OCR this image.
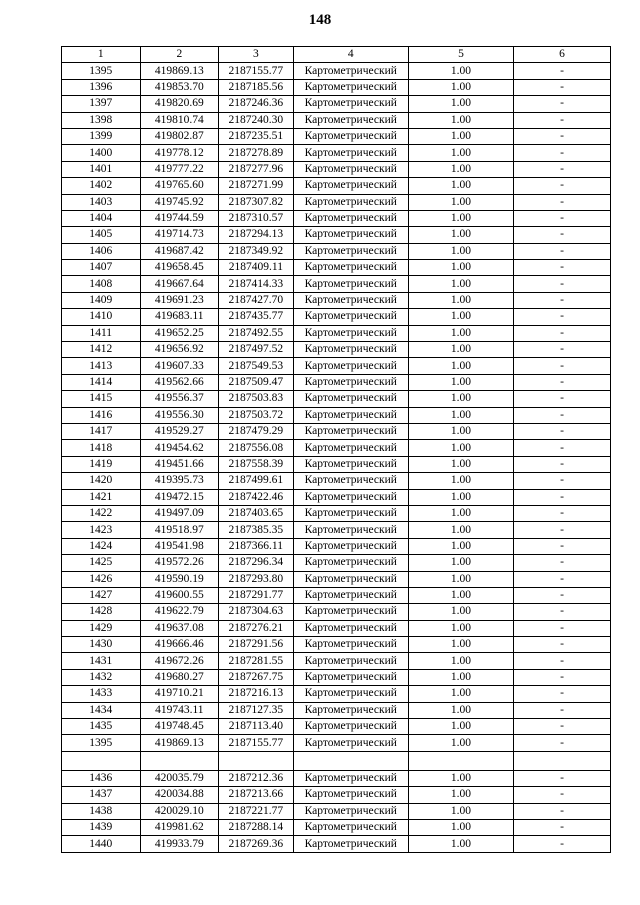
148
1	2	3	4	5	6
1395	419869.13	2187155.77	Картометрический	1.00	-
1396	419853.70	2187185.56	Картометрический	1.00	-
1397	419820.69	2187246.36	Картометрический	1.00	-
1398	419810.74	2187240.30	Картометрический	1.00	-
1399	419802.87	2187235.51	Картометрический	1.00	-
1400	419778.12	2187278.89	Картометрический	1.00	-
1401	419777.22	2187277.96	Картометрический	1.00	-
1402	419765.60	2187271.99	Картометрический	1.00	-
1403	419745.92	2187307.82	Картометрический	1.00	-
1404	419744.59	2187310.57	Картометрический	1.00	-
1405	419714.73	2187294.13	Картометрический	1.00	-
1406	419687.42	2187349.92	Картометрический	1.00	-
1407	419658.45	2187409.11	Картометрический	1.00	-
1408	419667.64	2187414.33	Картометрический	1.00	-
1409	419691.23	2187427.70	Картометрический	1.00	-
1410	419683.11	2187435.77	Картометрический	1.00	-
1411	419652.25	2187492.55	Картометрический	1.00	-
1412	419656.92	2187497.52	Картометрический	1.00	-
1413	419607.33	2187549.53	Картометрический	1.00	-
1414	419562.66	2187509.47	Картометрический	1.00	-
1415	419556.37	2187503.83	Картометрический	1.00	-
1416	419556.30	2187503.72	Картометрический	1.00	-
1417	419529.27	2187479.29	Картометрический	1.00	-
1418	419454.62	2187556.08	Картометрический	1.00	-
1419	419451.66	2187558.39	Картометрический	1.00	-
1420	419395.73	2187499.61	Картометрический	1.00	-
1421	419472.15	2187422.46	Картометрический	1.00	-
1422	419497.09	2187403.65	Картометрический	1.00	-
1423	419518.97	2187385.35	Картометрический	1.00	-
1424	419541.98	2187366.11	Картометрический	1.00	-
1425	419572.26	2187296.34	Картометрический	1.00	-
1426	419590.19	2187293.80	Картометрический	1.00	-
1427	419600.55	2187291.77	Картометрический	1.00	-
1428	419622.79	2187304.63	Картометрический	1.00	-
1429	419637.08	2187276.21	Картометрический	1.00	-
1430	419666.46	2187291.56	Картометрический	1.00	-
1431	419672.26	2187281.55	Картометрический	1.00	-
1432	419680.27	2187267.75	Картометрический	1.00	-
1433	419710.21	2187216.13	Картометрический	1.00	-
1434	419743.11	2187127.35	Картометрический	1.00	-
1435	419748.45	2187113.40	Картометрический	1.00	-
1395	419869.13	2187155.77	Картометрический	1.00	-

1436	420035.79	2187212.36	Картометрический	1.00	-
1437	420034.88	2187213.66	Картометрический	1.00	-
1438	420029.10	2187221.77	Картометрический	1.00	-
1439	419981.62	2187288.14	Картометрический	1.00	-
1440	419933.79	2187269.36	Картометрический	1.00	-
